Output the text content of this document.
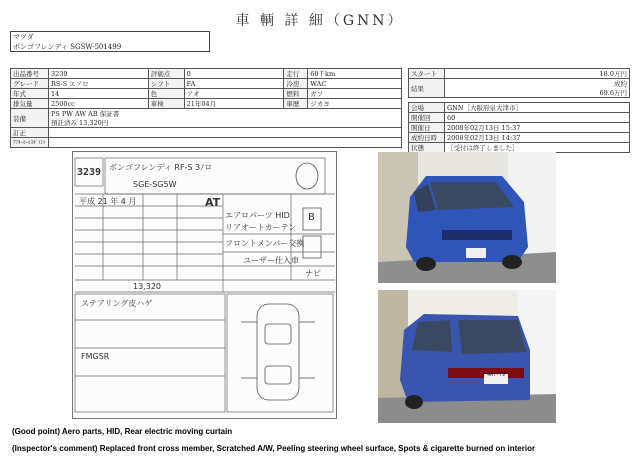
車 輌 詳 細（GNN）
マツダ
ボンゴフレンディ SGSW-501499
出品番号	3239	評価点	0	走行	60千km
グレード	RS-S エアロ	シフト	FA	冷房	WAC
年式	14	色	アオ	燃料	ガソ
排気量	2500cc	車検	21年04月	車歴	ジカヨ
装備	PS PW AW AB 保証書				
	預託済み 13,320円				
訂正					
ｱﾌﾀｰｾｰﾙｽﾎﾟｲﾝﾄ					
スタート	18.0万円
結果	成約
	69.6万円

会場	GNN［大阪府泉大津市］
開催回	60
開催日	2008年02月13日 15:37
成約日時	2008年02月13日 14:37
状態	［受付は終了しました］
3239 ボンゴフレンディ RF-S 3ﾉロ
SGE-SG5W
平成 21 年 4 月	AT
エアロパーツ HID
リアオートカーテン
フロントメンバー交換
ユーザー仕入車
B
13,320
ナビ
ステアリング皮ハゲ
FMGSR
4A7-79
(Good point) Aero parts, HID, Rear electric moving curtain
(Inspector's comment) Replaced front cross member, Scratched A/W, Peeling steering wheel surface, Spots & cigarette burned on interior
